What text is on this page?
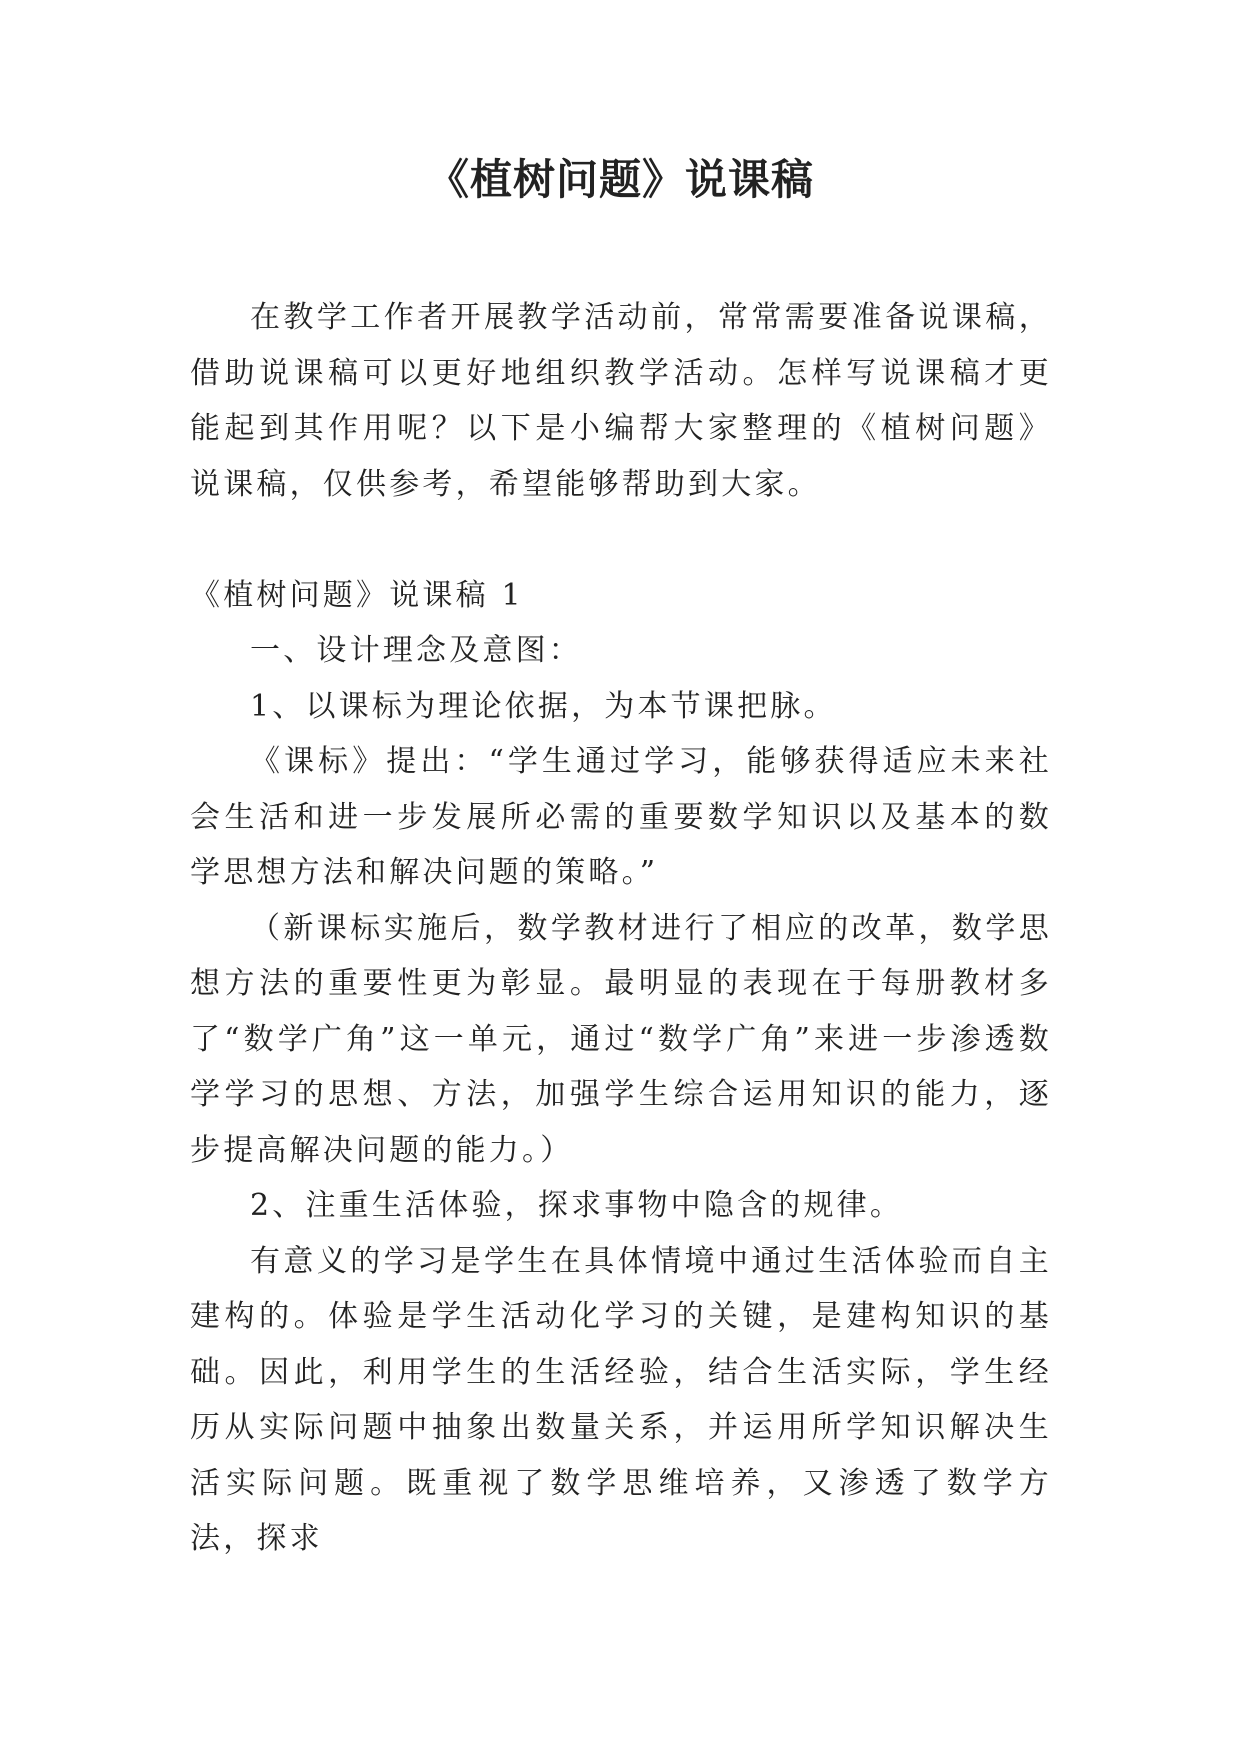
《植树问题》说课稿

在教学工作者开展教学活动前，常常需要准备说课稿，借助说课稿可以更好地组织教学活动。怎样写说课稿才更能起到其作用呢？以下是小编帮大家整理的《植树问题》说课稿，仅供参考，希望能够帮助到大家。

《植树问题》说课稿 1

一、设计理念及意图：

1、以课标为理论依据，为本节课把脉。

《课标》提出：“学生通过学习，能够获得适应未来社会生活和进一步发展所必需的重要数学知识以及基本的数学思想方法和解决问题的策略。”

（新课标实施后，数学教材进行了相应的改革，数学思想方法的重要性更为彰显。最明显的表现在于每册教材多了“数学广角”这一单元，通过“数学广角”来进一步渗透数学学习的思想、方法，加强学生综合运用知识的能力，逐步提高解决问题的能力。）

2、注重生活体验，探求事物中隐含的规律。

有意义的学习是学生在具体情境中通过生活体验而自主建构的。体验是学生活动化学习的关键，是建构知识的基础。因此，利用学生的生活经验，结合生活实际，学生经历从实际问题中抽象出数量关系，并运用所学知识解决生活实际问题。既重视了数学思维培养，又渗透了数学方法，探求
